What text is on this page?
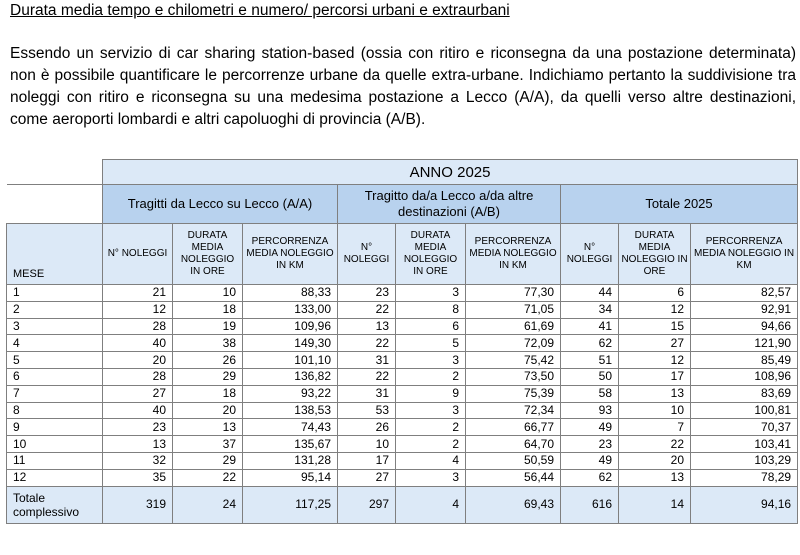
Durata media tempo e chilometri e numero/ percorsi urbani e extraurbani
Essendo un servizio di car sharing station-based (ossia con ritiro e riconsegna da una postazione determinata) non è possibile quantificare le percorrenze urbane da quelle extra-urbane. Indichiamo pertanto la suddivisione tra noleggi con ritiro e riconsegna su una medesima postazione a Lecco (A/A), da quelli verso altre destinazioni, come aeroporti lombardi e altri capoluoghi di provincia (A/B).
	ANNO 2025								
	Tragitti da Lecco su Lecco (A/A)			Tragitto da/a Lecco a/da altre destinazioni (A/B)			Totale 2025		
MESE	N° NOLEGGI	DURATA MEDIA NOLEGGIO IN ORE	PERCORRENZA MEDIA NOLEGGIO IN KM	N° NOLEGGI	DURATA MEDIA NOLEGGIO IN ORE	PERCORRENZA MEDIA NOLEGGIO IN KM	N° NOLEGGI	DURATA MEDIA NOLEGGIO IN ORE	PERCORRENZA MEDIA NOLEGGIO IN KM
1	21	10	88,33	23	3	77,30	44	6	82,57
2	12	18	133,00	22	8	71,05	34	12	92,91
3	28	19	109,96	13	6	61,69	41	15	94,66
4	40	38	149,30	22	5	72,09	62	27	121,90
5	20	26	101,10	31	3	75,42	51	12	85,49
6	28	29	136,82	22	2	73,50	50	17	108,96
7	27	18	93,22	31	9	75,39	58	13	83,69
8	40	20	138,53	53	3	72,34	93	10	100,81
9	23	13	74,43	26	2	66,77	49	7	70,37
10	13	37	135,67	10	2	64,70	23	22	103,41
11	32	29	131,28	17	4	50,59	49	20	103,29
12	35	22	95,14	27	3	56,44	62	13	78,29
Totale complessivo	319	24	117,25	297	4	69,43	616	14	94,16
